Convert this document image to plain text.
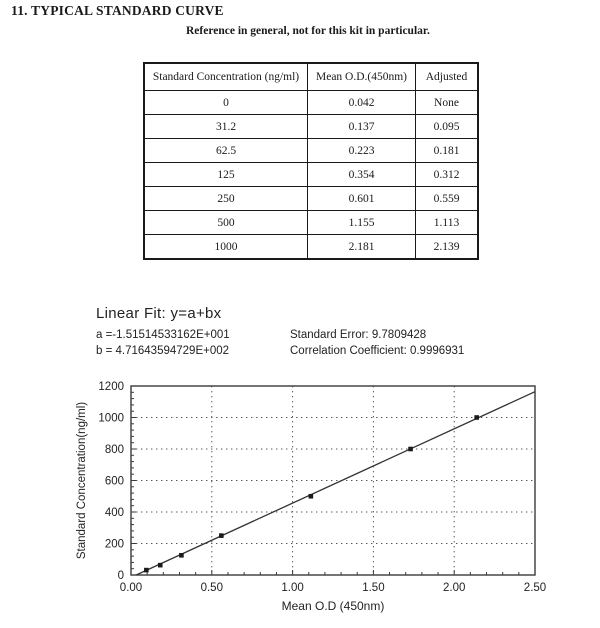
11. TYPICAL STANDARD CURVE
Reference in general, not for this kit in particular.
Standard Concentration (ng/ml)	Mean O.D.(450nm)	Adjusted
0	0.042	None
31.2	0.137	0.095
62.5	0.223	0.181
125	0.354	0.312
250	0.601	0.559
500	1.155	1.113
1000	2.181	2.139
Linear Fit: y=a+bx
a =-1.51514533162E+001	Standard Error: 9.7809428
b = 4.71643594729E+002	Correlation Coefficient: 0.9996931
0
200
400
600
800
1000
1200
0.00	0.50	1.00	1.50	2.00	2.50
Standard Concentration(ng/ml)
Mean O.D (450nm)
